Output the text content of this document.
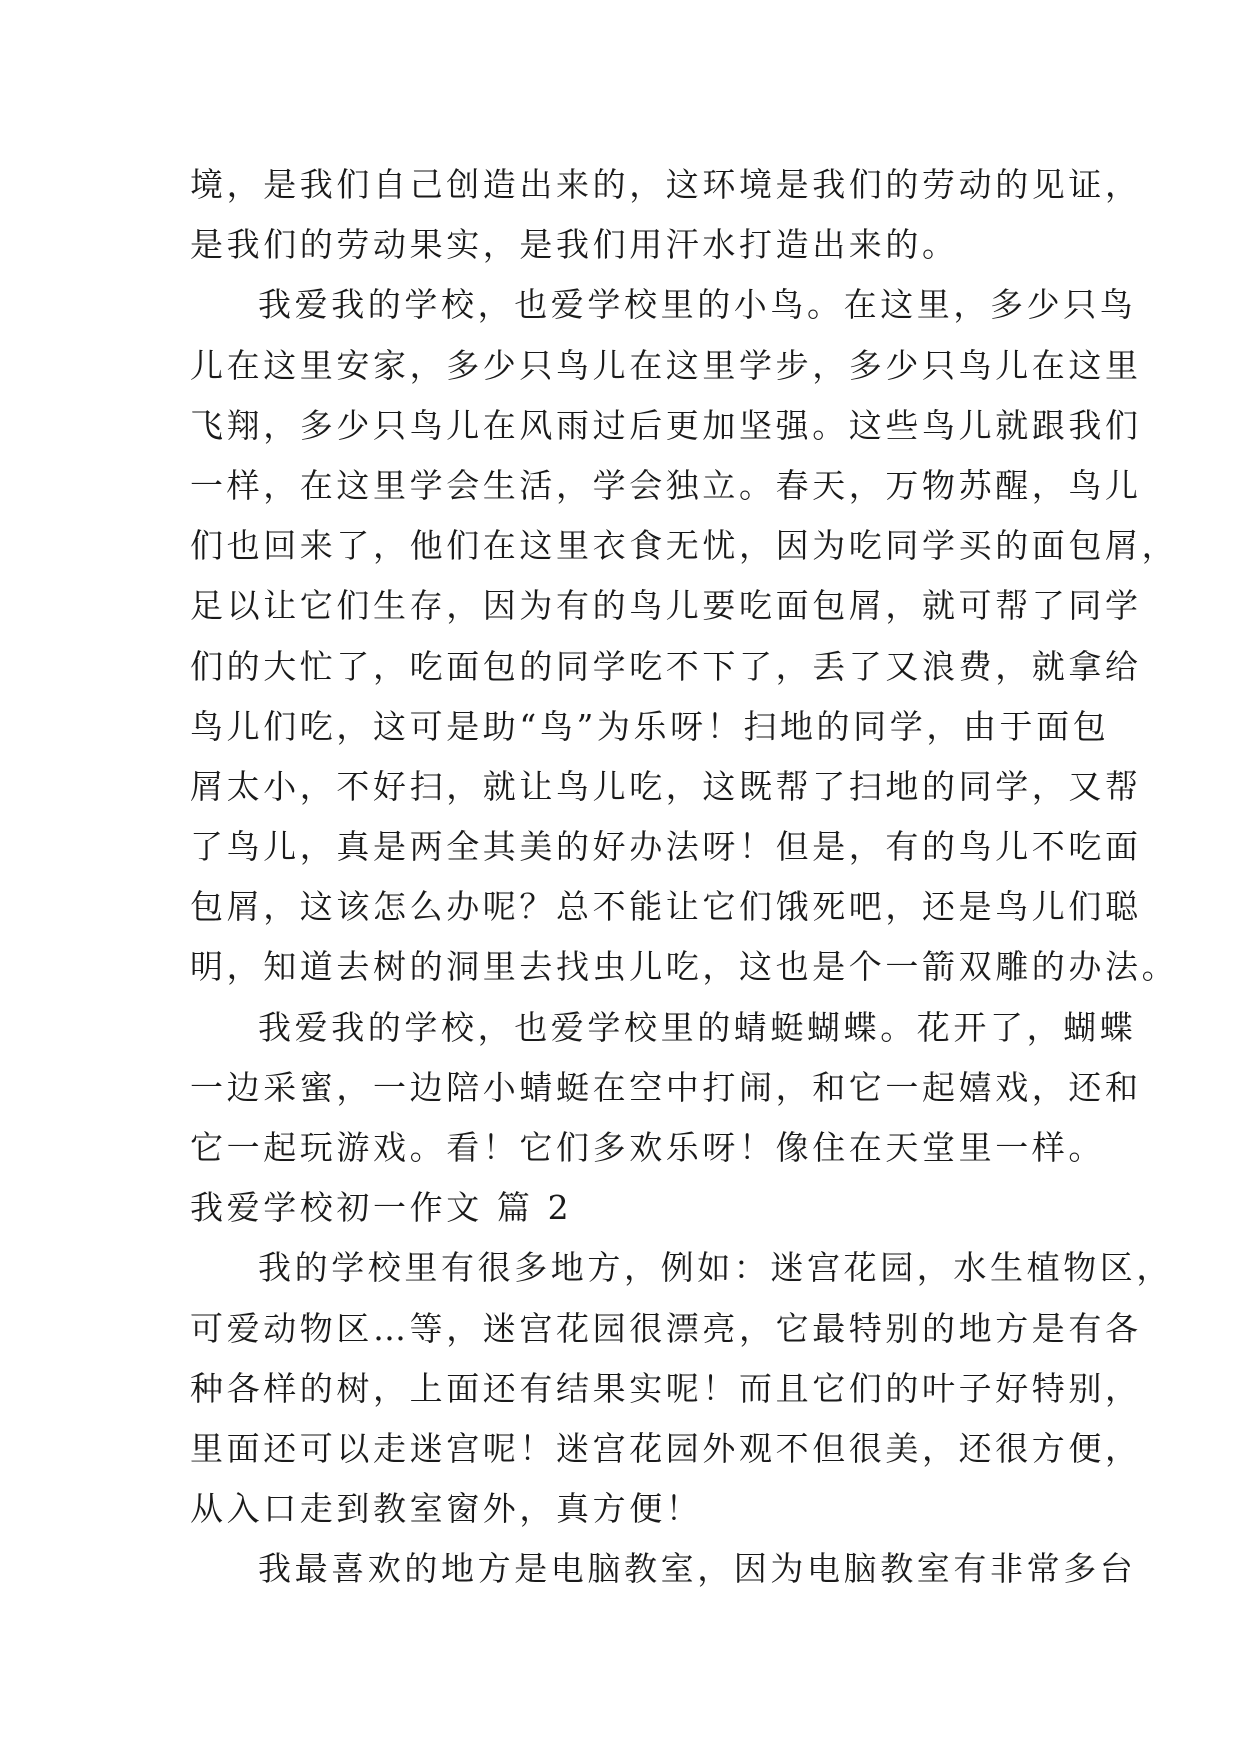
境，是我们自己创造出来的，这环境是我们的劳动的见证，
是我们的劳动果实，是我们用汗水打造出来的。
我爱我的学校，也爱学校里的小鸟。在这里，多少只鸟
儿在这里安家，多少只鸟儿在这里学步，多少只鸟儿在这里
飞翔，多少只鸟儿在风雨过后更加坚强。这些鸟儿就跟我们
一样，在这里学会生活，学会独立。春天，万物苏醒，鸟儿
们也回来了，他们在这里衣食无忧，因为吃同学买的面包屑，
足以让它们生存，因为有的鸟儿要吃面包屑，就可帮了同学
们的大忙了，吃面包的同学吃不下了，丢了又浪费，就拿给
鸟儿们吃，这可是助“鸟”为乐呀！扫地的同学，由于面包
屑太小，不好扫，就让鸟儿吃，这既帮了扫地的同学，又帮
了鸟儿，真是两全其美的好办法呀！但是，有的鸟儿不吃面
包屑，这该怎么办呢？总不能让它们饿死吧，还是鸟儿们聪
明，知道去树的洞里去找虫儿吃，这也是个一箭双雕的办法。
我爱我的学校，也爱学校里的蜻蜓蝴蝶。花开了，蝴蝶
一边采蜜，一边陪小蜻蜓在空中打闹，和它一起嬉戏，还和
它一起玩游戏。看！它们多欢乐呀！像住在天堂里一样。
我爱学校初一作文 篇 2
我的学校里有很多地方，例如：迷宫花园，水生植物区，
可爱动物区…等，迷宫花园很漂亮，它最特别的地方是有各
种各样的树，上面还有结果实呢！而且它们的叶子好特别，
里面还可以走迷宫呢！迷宫花园外观不但很美，还很方便，
从入口走到教室窗外，真方便！
我最喜欢的地方是电脑教室，因为电脑教室有非常多台
